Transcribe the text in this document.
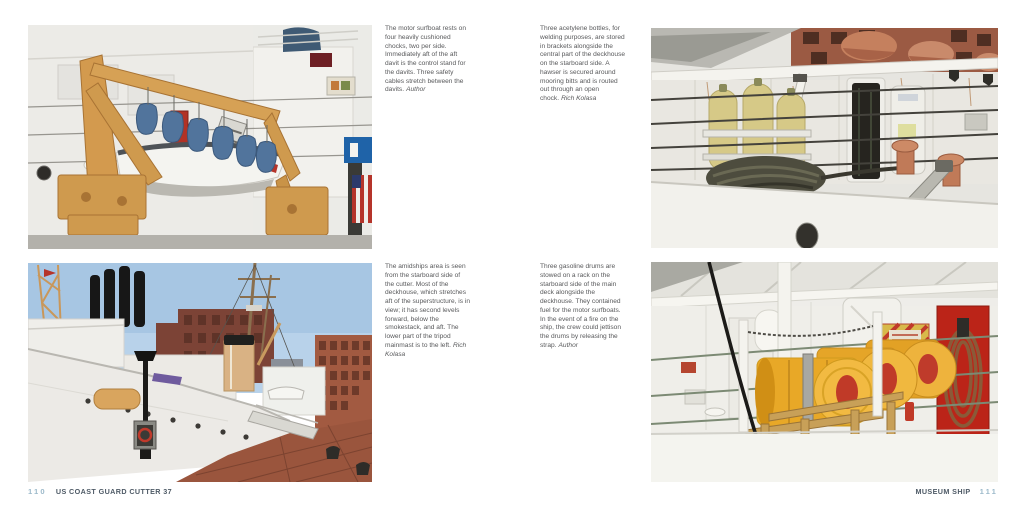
The motor surfboat rests on four heavily cushioned chocks, two per side. Immediately aft of the aft davit is the control stand for the davits. Three safety cables stretch between the davits. Author
Three acetylene bottles, for welding purposes, are stored in brackets alongside the central part of the deckhouse on the starboard side. A hawser is secured around mooring bitts and is routed out through an open chock. Rich Kolasa
The amidships area is seen from the starboard side of the cutter. Most of the deckhouse, which stretches aft of the superstructure, is in view; it has second levels forward, below the smokestack, and aft. The lower part of the tripod mainmast is to the left. Rich Kolasa
Three gasoline drums are stowed on a rack on the starboard side of the main deck alongside the deckhouse. They contained fuel for the motor surfboats. In the event of a fire on the ship, the crew could jettison the drums by releasing the strap. Author
110 US COAST GUARD CUTTER 37	MUSEUM SHIP 111
